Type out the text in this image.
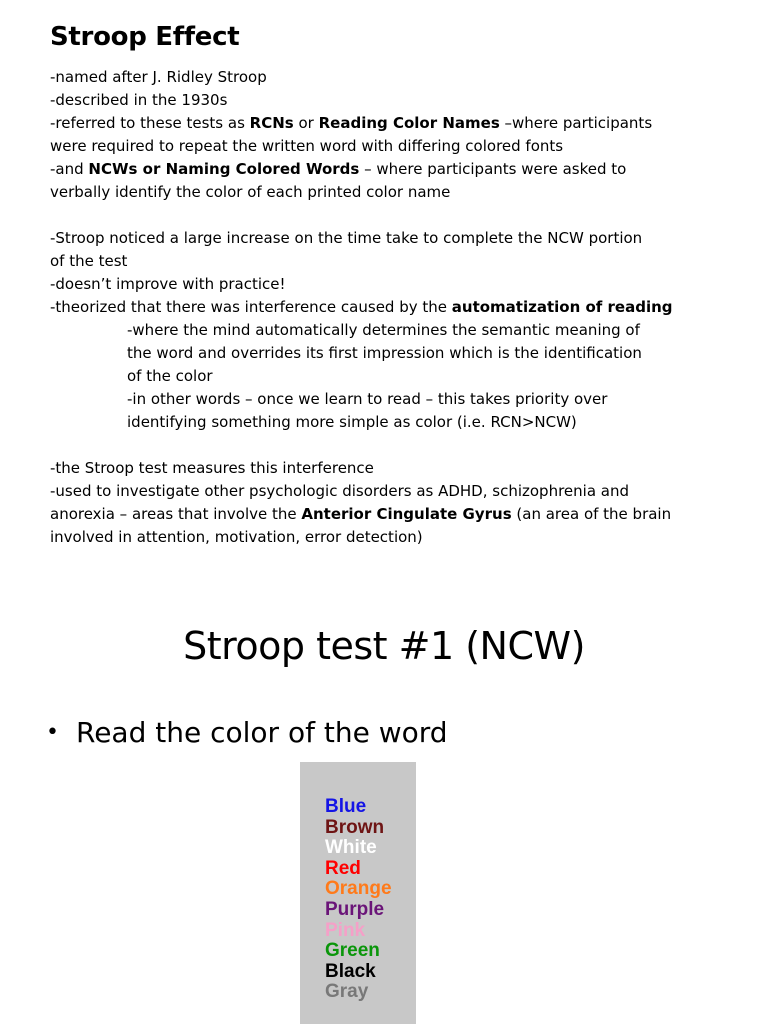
Stroop Effect

-named after J. Ridley Stroop

-described in the 1930s

-referred to these tests as RCNs or Reading Color Names –where participants

were required to repeat the written word with differing colored fonts

-and NCWs or Naming Colored Words – where participants were asked to

verbally identify the color of each printed color name

-Stroop noticed a large increase on the time take to complete the NCW portion

of the test

-doesn’t improve with practice!

-theorized that there was interference caused by the automatization of reading

-where the mind automatically determines the semantic meaning of

the word and overrides its first impression which is the identification

of the color

-in other words – once we learn to read – this takes priority over

identifying something more simple as color (i.e. RCN>NCW)

-the Stroop test measures this interference

-used to investigate other psychologic disorders as ADHD, schizophrenia and

anorexia – areas that involve the Anterior Cingulate Gyrus (an area of the brain

involved in attention, motivation, error detection)

Stroop test #1 (NCW)
• Read the color of the word
Blue
Brown
White
Red
Orange
Purple
Pink
Green
Black
Gray
